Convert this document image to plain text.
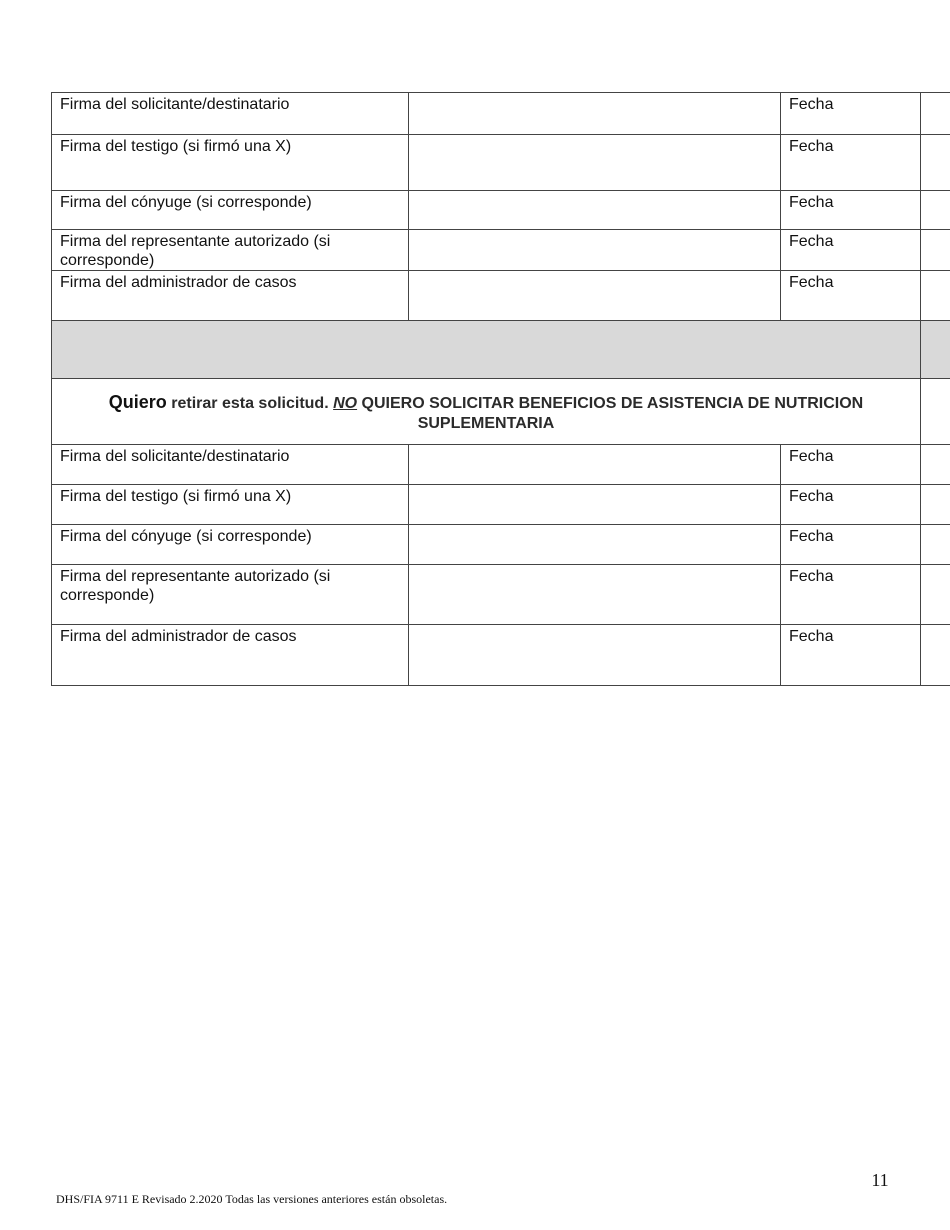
Firma del solicitante/destinatario		Fecha	
Firma del testigo (si firmó una X)		Fecha	
Firma del cónyuge (si corresponde)		Fecha	
Firma del representante autorizado (si corresponde)		Fecha	
Firma del administrador de casos		Fecha	

Quiero retirar esta solicitud. NO QUIERO SOLICITAR BENEFICIOS DE ASISTENCIA DE NUTRICION SUPLEMENTARIA			
Firma del solicitante/destinatario		Fecha	
Firma del testigo (si firmó una X)		Fecha	
Firma del cónyuge (si corresponde)		Fecha	
Firma del representante autorizado (si corresponde)		Fecha	
Firma del administrador de casos		Fecha	
11
DHS/FIA 9711 E Revisado 2.2020 Todas las versiones anteriores están obsoletas.
